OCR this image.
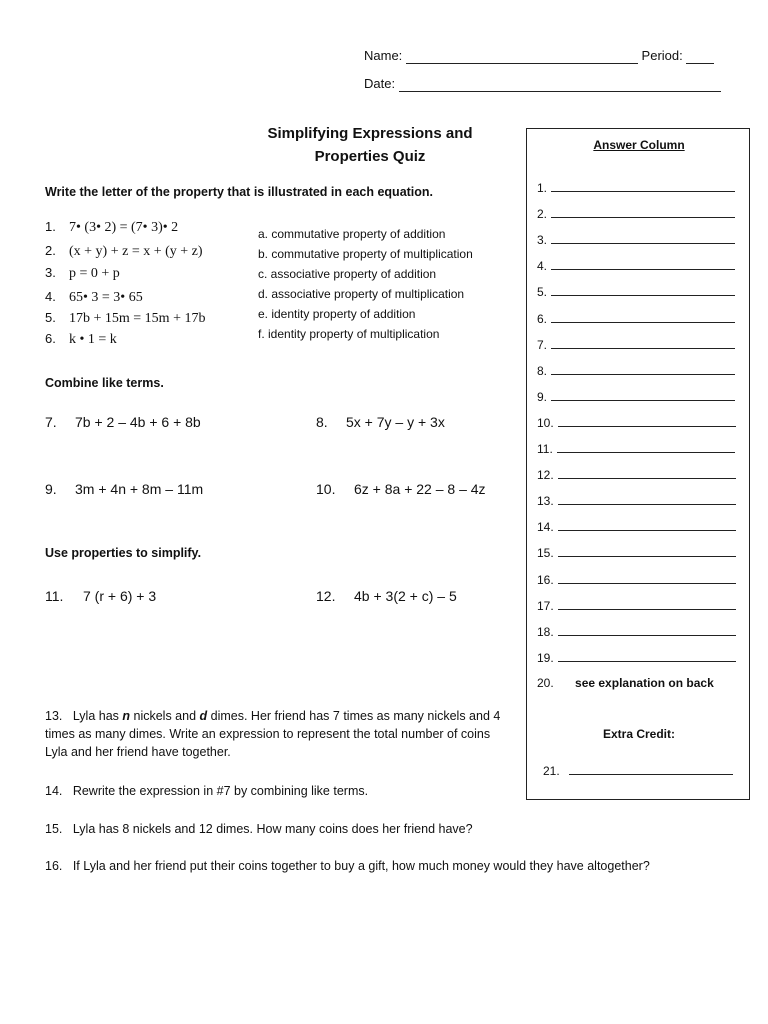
Name:	Period:
Date:
Simplifying Expressions and
Properties Quiz
Write the letter of the property that is illustrated in each equation.
1. 7• (3• 2) = (7• 3)• 2
2. (x + y) + z = x + (y + z)
3. p = 0 + p
4. 65• 3 = 3• 65
5. 17b + 15m = 15m + 17b
6. k • 1 = k
a. commutative property of addition
b. commutative property of multiplication
c. associative property of addition
d. associative property of multiplication
e. identity property of addition
f. identity property of multiplication
Combine like terms.
7. 7b + 2 – 4b + 6 + 8b	8. 5x + 7y – y + 3x
9. 3m + 4n + 8m – 11m	10. 6z + 8a + 22 – 8 – 4z
Use properties to simplify.
11. 7 (r + 6) + 3	12. 4b + 3(2 + c) – 5
13. Lyla has n nickels and d dimes. Her friend has 7 times as many nickels and 4 times as many dimes. Write an expression to represent the total number of coins Lyla and her friend have together.
14. Rewrite the expression in #7 by combining like terms.
15. Lyla has 8 nickels and 12 dimes. How many coins does her friend have?
16. If Lyla and her friend put their coins together to buy a gift, how much money would they have altogether?
Answer Column
1.
2.
3.
4.
5.
6.
7.
8.
9.
10.
11.
12.
13.
14.
15.
16.
17.
18.
19.
20. see explanation on back
Extra Credit:
21.
